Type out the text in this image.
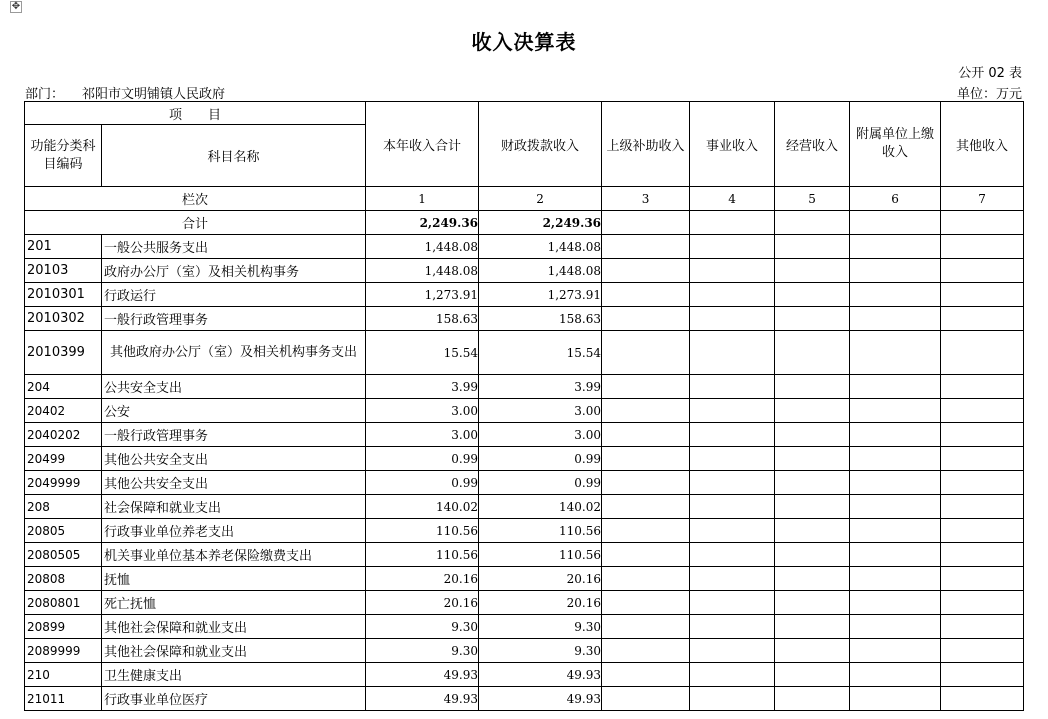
✥
收入决算表
公开 02 表
部门： 祁阳市文明铺镇人民政府	单位：万元
项　　目		本年收入合计	财政拨款收入	上级补助收入	事业收入	经营收入	附属单位上缴收入	其他收入
功能分类科目编码	科目名称							
栏次		1	2	3	4	5	6	7
合计		2,249.36	2,249.36					
201	一般公共服务支出	1,448.08	1,448.08					
20103	政府办公厅（室）及相关机构事务	1,448.08	1,448.08					
2010301	行政运行	1,273.91	1,273.91					
2010302	一般行政管理事务	158.63	158.63					
2010399	其他政府办公厅（室）及相关机构事务支出	15.54	15.54					
204	公共安全支出	3.99	3.99					
20402	公安	3.00	3.00					
2040202	一般行政管理事务	3.00	3.00					
20499	其他公共安全支出	0.99	0.99					
2049999	其他公共安全支出	0.99	0.99					
208	社会保障和就业支出	140.02	140.02					
20805	行政事业单位养老支出	110.56	110.56					
2080505	机关事业单位基本养老保险缴费支出	110.56	110.56					
20808	抚恤	20.16	20.16					
2080801	死亡抚恤	20.16	20.16					
20899	其他社会保障和就业支出	9.30	9.30					
2089999	其他社会保障和就业支出	9.30	9.30					
210	卫生健康支出	49.93	49.93					
21011	行政事业单位医疗	49.93	49.93					
